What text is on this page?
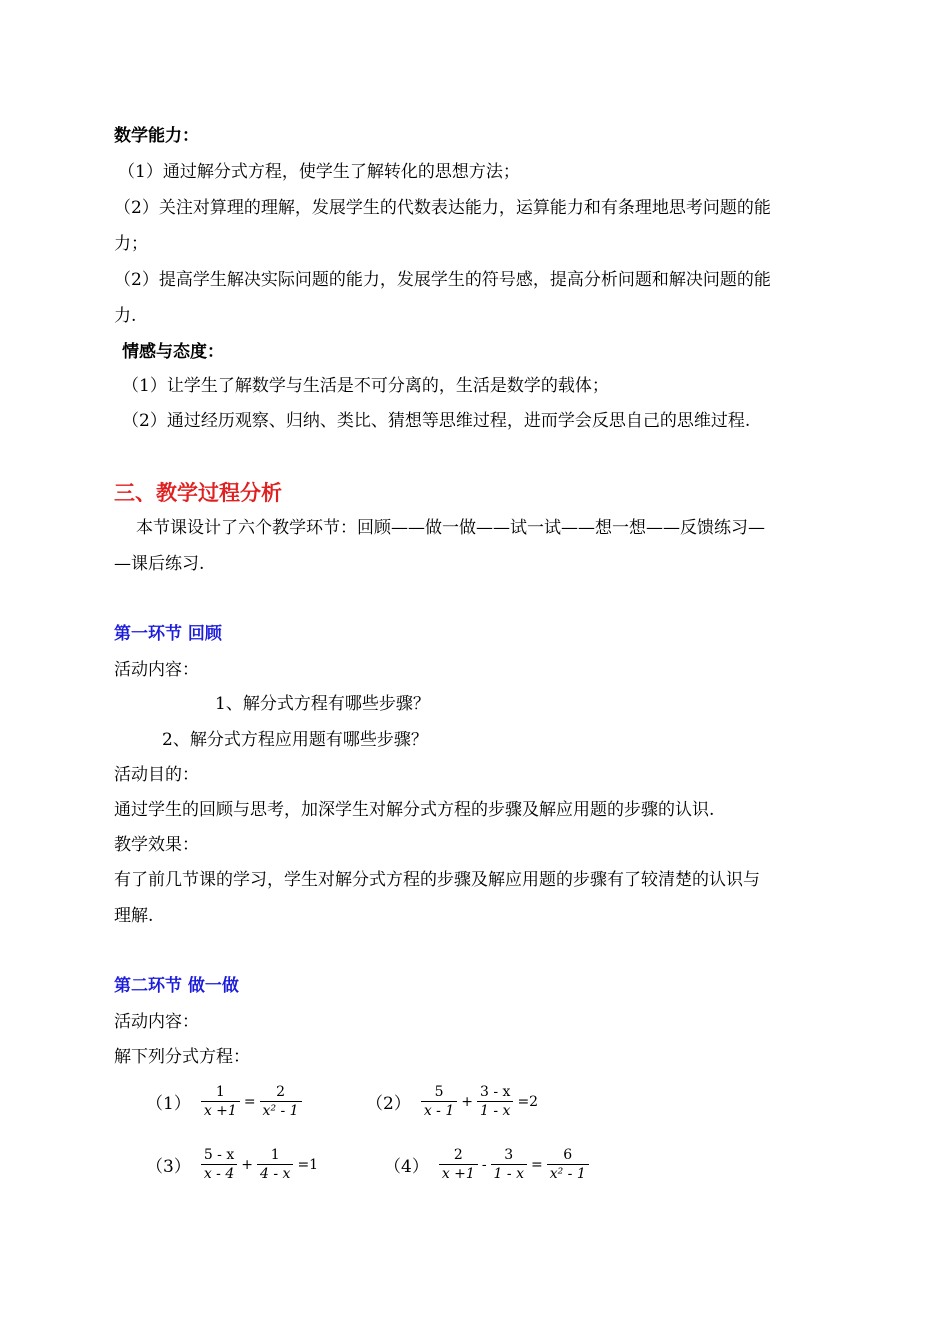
数学能力：
（1）通过解分式方程，使学生了解转化的思想方法；
（2）关注对算理的理解，发展学生的代数表达能力，运算能力和有条理地思考问题的能
力；
（2）提高学生解决实际问题的能力，发展学生的符号感，提高分析问题和解决问题的能
力.
情感与态度：
（1）让学生了解数学与生活是不可分离的，生活是数学的载体；
（2）通过经历观察、归纳、类比、猜想等思维过程，进而学会反思自己的思维过程.
三、教学过程分析
本节课设计了六个教学环节：回顾——做一做——试一试——想一想——反馈练习—
—课后练习.
第一环节 回顾
活动内容：
1、解分式方程有哪些步骤？
2、解分式方程应用题有哪些步骤？
活动目的：
通过学生的回顾与思考，加深学生对解分式方程的步骤及解应用题的步骤的认识.
教学效果：
有了前几节课的学习，学生对解分式方程的步骤及解应用题的步骤有了较清楚的认识与
理解.
第二环节 做一做
活动内容：
解下列分式方程：
$(1) \frac{1}{x +1} = \frac{2}{\text{x² - 1}}$	$(2) \frac{5}{x - 1} + \frac{3 - x}{1 - x} =2$
$(3) \frac{5 - x}{x - 4} + \frac{1}{4 - x} =1$	$(4) \frac{2}{x +1} - \frac{3}{1 - x} = \frac{6}{\text{x² - 1}}$
